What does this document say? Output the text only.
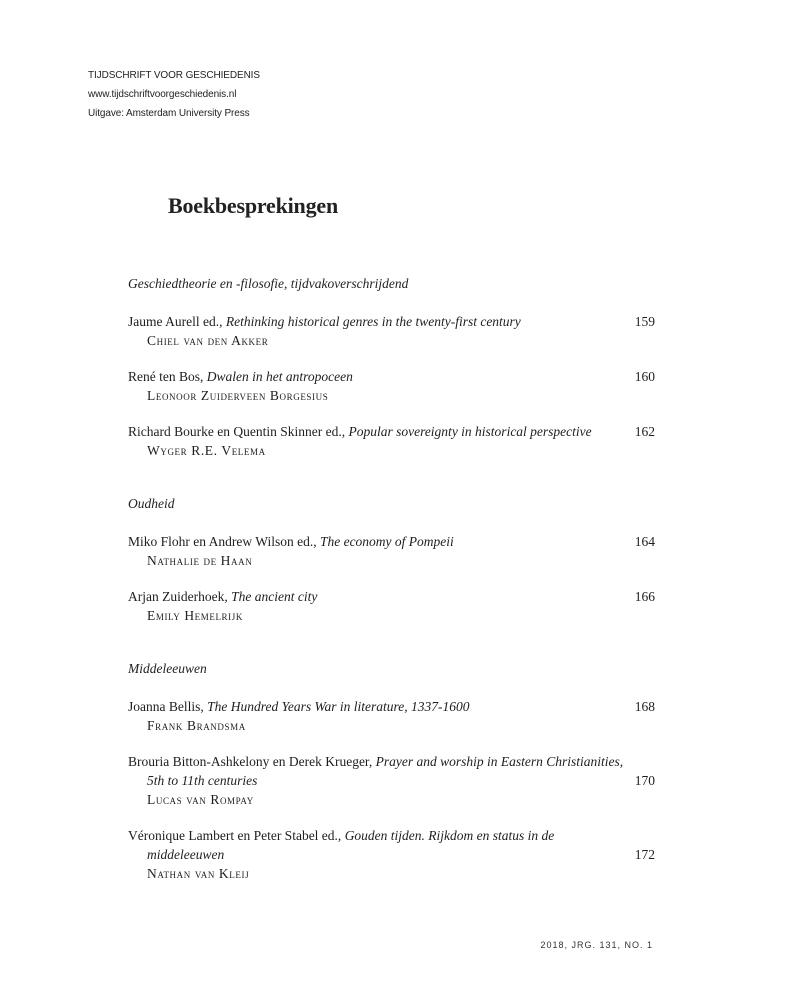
TIJDSCHRIFT VOOR GESCHIEDENIS
www.tijdschriftvoorgeschiedenis.nl
Uitgave: Amsterdam University Press
Boekbesprekingen
Geschiedtheorie en -filosofie, tijdvakoverschrijdend
Jaume Aurell ed., Rethinking historical genres in the twenty-first century	159
Chiel van den Akker
René ten Bos, Dwalen in het antropoceen	160
Leonoor Zuiderveen Borgesius
Richard Bourke en Quentin Skinner ed., Popular sovereignty in historical perspective	162
Wyger R.E. Velema
Oudheid
Miko Flohr en Andrew Wilson ed., The economy of Pompeii	164
Nathalie de Haan
Arjan Zuiderhoek, The ancient city	166
Emily Hemelrijk
Middeleeuwen
Joanna Bellis, The Hundred Years War in literature, 1337-1600	168
Frank Brandsma
Brouria Bitton-Ashkelony en Derek Krueger, Prayer and worship in Eastern Christianities,
5th to 11th centuries	170
Lucas van Rompay
Véronique Lambert en Peter Stabel ed., Gouden tijden. Rijkdom en status in de
middeleeuwen	172
Nathan van Kleij
2018, JRG. 131, NO. 1
